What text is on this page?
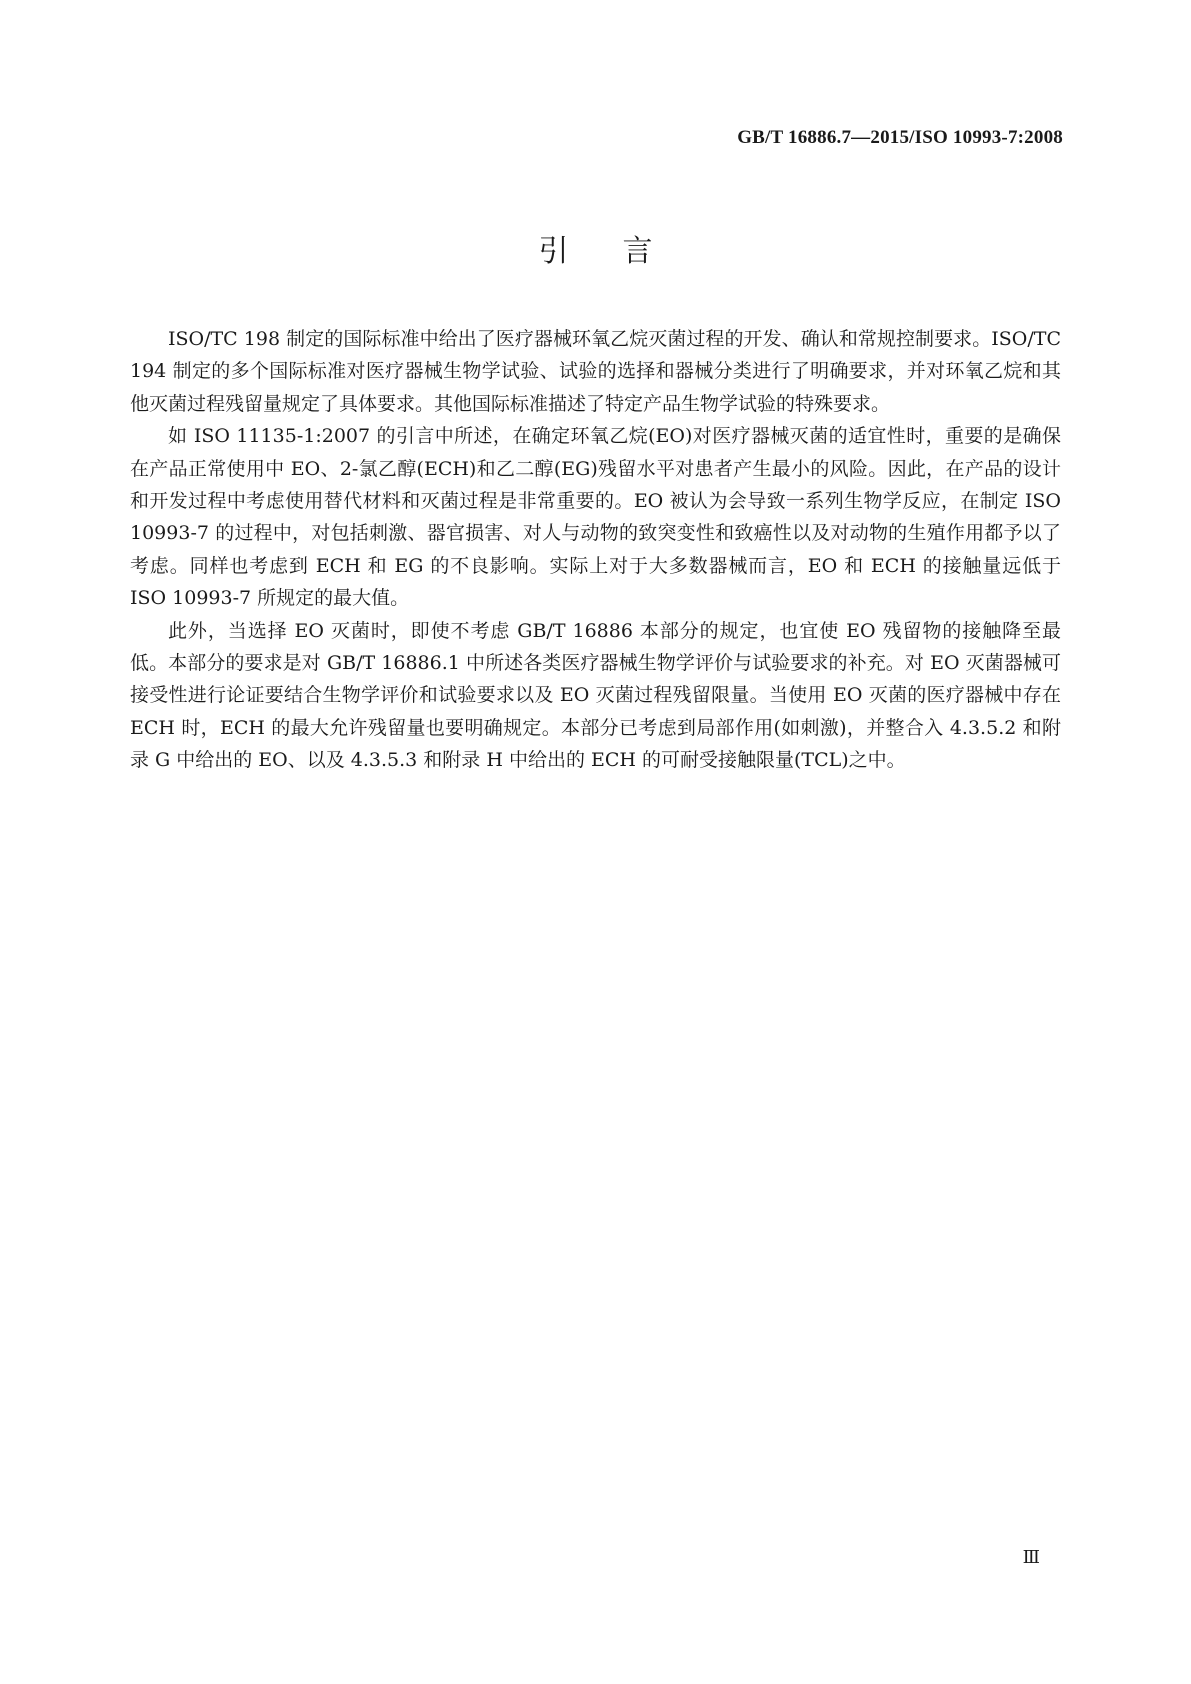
GB/T 16886.7—2015/ISO 10993-7:2008
引 言

ISO/TC 198 制定的国际标准中给出了医疗器械环氧乙烷灭菌过程的开发、确认和常规控制要求。ISO/TC 194 制定的多个国际标准对医疗器械生物学试验、试验的选择和器械分类进行了明确要求，并对环氧乙烷和其他灭菌过程残留量规定了具体要求。其他国际标准描述了特定产品生物学试验的特殊要求。

如 ISO 11135-1:2007 的引言中所述，在确定环氧乙烷(EO)对医疗器械灭菌的适宜性时，重要的是确保在产品正常使用中 EO、2-氯乙醇(ECH)和乙二醇(EG)残留水平对患者产生最小的风险。因此，在产品的设计和开发过程中考虑使用替代材料和灭菌过程是非常重要的。EO 被认为会导致一系列生物学反应，在制定 ISO 10993-7 的过程中，对包括刺激、器官损害、对人与动物的致突变性和致癌性以及对动物的生殖作用都予以了考虑。同样也考虑到 ECH 和 EG 的不良影响。实际上对于大多数器械而言，EO 和 ECH 的接触量远低于 ISO 10993-7 所规定的最大值。

此外，当选择 EO 灭菌时，即使不考虑 GB/T 16886 本部分的规定，也宜使 EO 残留物的接触降至最低。本部分的要求是对 GB/T 16886.1 中所述各类医疗器械生物学评价与试验要求的补充。对 EO 灭菌器械可接受性进行论证要结合生物学评价和试验要求以及 EO 灭菌过程残留限量。当使用 EO 灭菌的医疗器械中存在 ECH 时，ECH 的最大允许残留量也要明确规定。本部分已考虑到局部作用(如刺激)，并整合入 4.3.5.2 和附录 G 中给出的 EO、以及 4.3.5.3 和附录 H 中给出的 ECH 的可耐受接触限量(TCL)之中。

Ⅲ
